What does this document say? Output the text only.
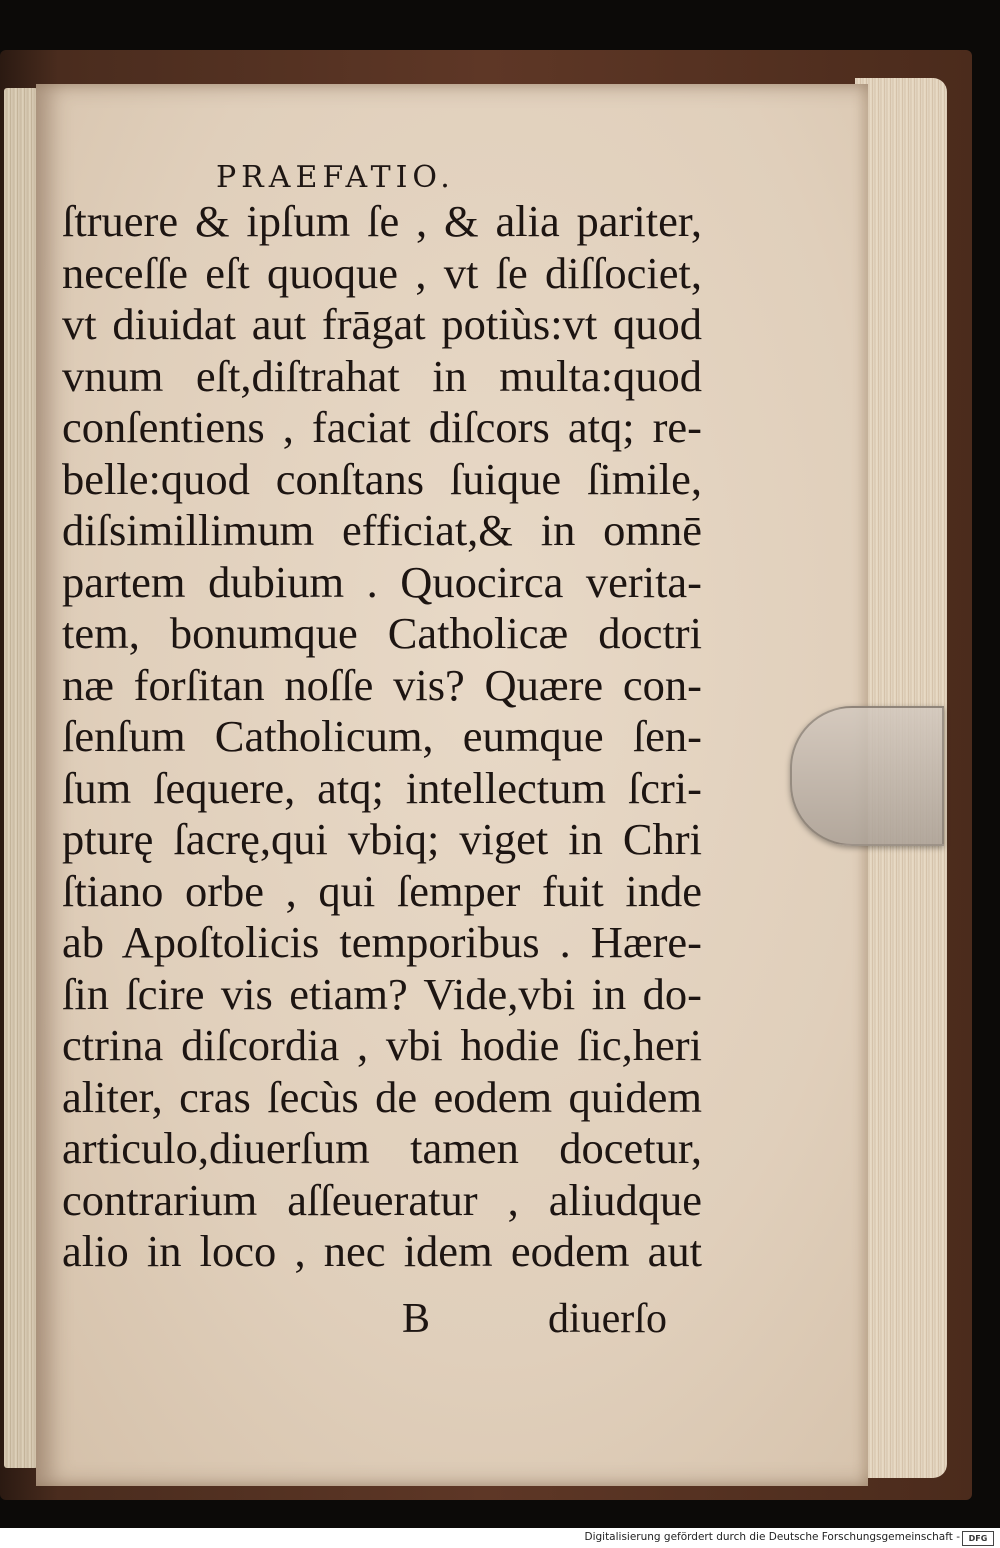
PRAEFATIO.
ſtruere & ipſum ſe , & alia pariter,
neceſſe eſt quoque , vt ſe diſſociet,
vt diuidat aut frāgat potiùs:vt quod
vnum eſt,diſtrahat in multa:quod
conſentiens , faciat diſcors atq; re-
belle:quod conſtans ſuique ſimile,
diſsimillimum efficiat,& in omnē
partem dubium . Quocirca verita-
tem, bonumque Catholicæ doctri
næ forſitan noſſe vis? Quære con-
ſenſum Catholicum, eumque ſen-
ſum ſequere, atq; intellectum ſcri-
pturę ſacrę,qui vbiq; viget in Chri
ſtiano orbe , qui ſemper fuit inde
ab Apoſtolicis temporibus . Hære-
ſin ſcire vis etiam? Vide,vbi in do-
ctrina diſcordia , vbi hodie ſic,heri
aliter, cras ſecùs de eodem quidem
articulo,diuerſum tamen docetur,
contrarium aſſeueratur , aliudque
alio in loco , nec idem eodem aut
B	diuerſo
Digitalisierung gefördert durch die Deutsche Forschungsgemeinschaft -	DFG
